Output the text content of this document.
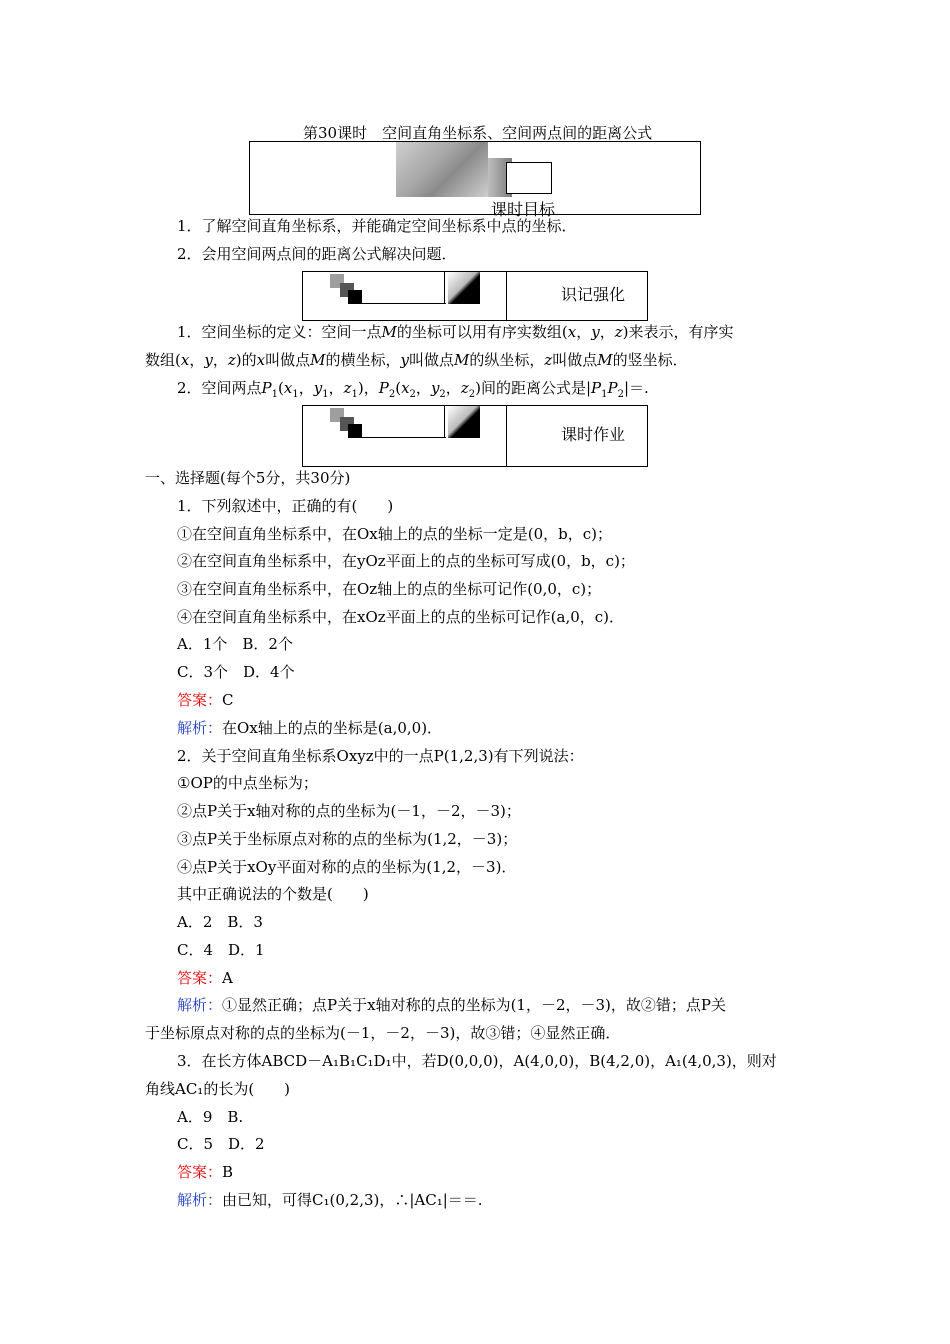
第30课时　空间直角坐标系、空间两点间的距离公式
课时目标
1．了解空间直角坐标系，并能确定空间坐标系中点的坐标．
2．会用空间两点间的距离公式解决问题．
识记强化
1．空间坐标的定义：空间一点M的坐标可以用有序实数组(x，y，z)来表示，有序实
数组(x，y，z)的x叫做点M的横坐标，y叫做点M的纵坐标，z叫做点M的竖坐标．
2．空间两点$P_1(x_1$，$y_1$，$z_1$)，$P_2(x_2$，$y_2$，$z_2$)间的距离公式是$|P_1P_2|=$.
课时作业
一、选择题(每个5分，共30分)
1．下列叙述中，正确的有(　　)
①在空间直角坐标系中，在Ox轴上的点的坐标一定是(0，b，c)；
②在空间直角坐标系中，在yOz平面上的点的坐标可写成(0，b，c)；
③在空间直角坐标系中，在Oz轴上的点的坐标可记作(0,0，c)；
④在空间直角坐标系中，在xOz平面上的点的坐标可记作(a,0，c)．
A．1个　B．2个
C．3个　D．4个
答案：C
解析：在Ox轴上的点的坐标是(a,0,0)．
2．关于空间直角坐标系Oxyz中的一点P(1,2,3)有下列说法：
①OP的中点坐标为；
②点P关于x轴对称的点的坐标为(－1，－2，－3)；
③点P关于坐标原点对称的点的坐标为(1,2，－3)；
④点P关于xOy平面对称的点的坐标为(1,2，－3)．
其中正确说法的个数是(　　)
A．2　B．3
C．4　D．1
答案：A
解析：①显然正确；点P关于x轴对称的点的坐标为(1，－2，－3)，故②错；点P关
于坐标原点对称的点的坐标为(－1，－2，－3)，故③错；④显然正确．
3．在长方体ABCD－A₁B₁C₁D₁中，若D(0,0,0)，A(4,0,0)，B(4,2,0)，A₁(4,0,3)，则对
角线AC₁的长为(　　)
A．9　B.
C．5　D．2
答案：B
解析：由已知，可得C₁(0,2,3)，∴|AC₁|＝＝.
